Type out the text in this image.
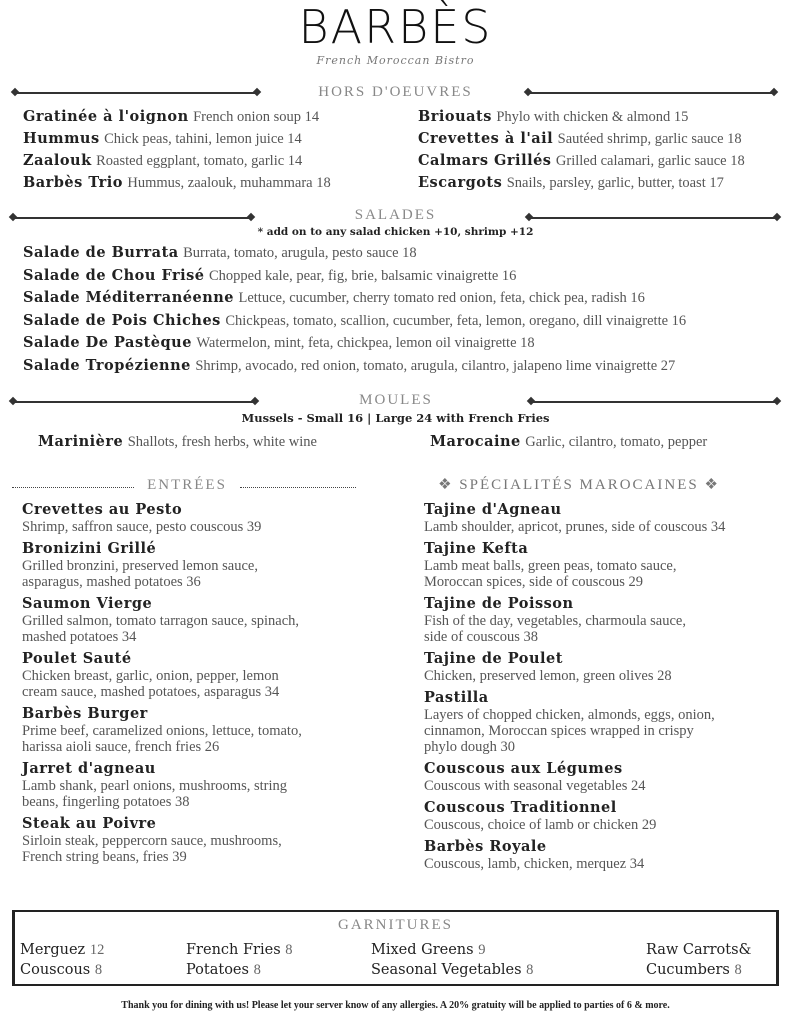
BARBÈS
French Moroccan Bistro
HORS D'OEUVRES
Gratinée à l'oignon French onion soup 14
Hummus Chick peas, tahini, lemon juice 14
Zaalouk Roasted eggplant, tomato, garlic 14
Barbès Trio Hummus, zaalouk, muhammara 18
Briouats Phylo with chicken & almond 15
Crevettes à l'ail Sautéed shrimp, garlic sauce 18
Calmars Grillés Grilled calamari, garlic sauce 18
Escargots Snails, parsley, garlic, butter, toast 17
SALADES
* add on to any salad chicken +10, shrimp +12
Salade de Burrata Burrata, tomato, arugula, pesto sauce 18
Salade de Chou Frisé Chopped kale, pear, fig, brie, balsamic vinaigrette 16
Salade Méditerranéenne Lettuce, cucumber, cherry tomato red onion, feta, chick pea, radish 16
Salade de Pois Chiches Chickpeas, tomato, scallion, cucumber, feta, lemon, oregano, dill vinaigrette 16
Salade De Pastèque Watermelon, mint, feta, chickpea, lemon oil vinaigrette 18
Salade Tropézienne Shrimp, avocado, red onion, tomato, arugula, cilantro, jalapeno lime vinaigrette 27
MOULES
Mussels - Small 16 | Large 24 with French Fries
Marinière Shallots, fresh herbs, white wine	Marocaine Garlic, cilantro, tomato, pepper
ENTRÉES
Crevettes au Pesto
Shrimp, saffron sauce, pesto couscous 39
Bronizini Grillé
Grilled bronzini, preserved lemon sauce,
asparagus, mashed potatoes 36
Saumon Vierge
Grilled salmon, tomato tarragon sauce, spinach,
mashed potatoes 34
Poulet Sauté
Chicken breast, garlic, onion, pepper, lemon
cream sauce, mashed potatoes, asparagus 34
Barbès Burger
Prime beef, caramelized onions, lettuce, tomato,
harissa aioli sauce, french fries 26
Jarret d'agneau
Lamb shank, pearl onions, mushrooms, string
beans, fingerling potatoes 38
Steak au Poivre
Sirloin steak, peppercorn sauce, mushrooms,
French string beans, fries 39
❖ SPÉCIALITÉS MAROCAINES ❖
Tajine d'Agneau
Lamb shoulder, apricot, prunes, side of couscous 34
Tajine Kefta
Lamb meat balls, green peas, tomato sauce,
Moroccan spices, side of couscous 29
Tajine de Poisson
Fish of the day, vegetables, charmoula sauce,
side of couscous 38
Tajine de Poulet
Chicken, preserved lemon, green olives 28
Pastilla
Layers of chopped chicken, almonds, eggs, onion,
cinnamon, Moroccan spices wrapped in crispy
phylo dough 30
Couscous aux Légumes
Couscous with seasonal vegetables 24
Couscous Traditionnel
Couscous, choice of lamb or chicken 29
Barbès Royale
Couscous, lamb, chicken, merquez 34
GARNITURES
Merguez 12
Couscous 8
French Fries 8
Potatoes 8
Mixed Greens 9
Seasonal Vegetables 8
Raw Carrots&
Cucumbers 8
Thank you for dining with us! Please let your server know of any allergies. A 20% gratuity will be applied to parties of 6 & more.
